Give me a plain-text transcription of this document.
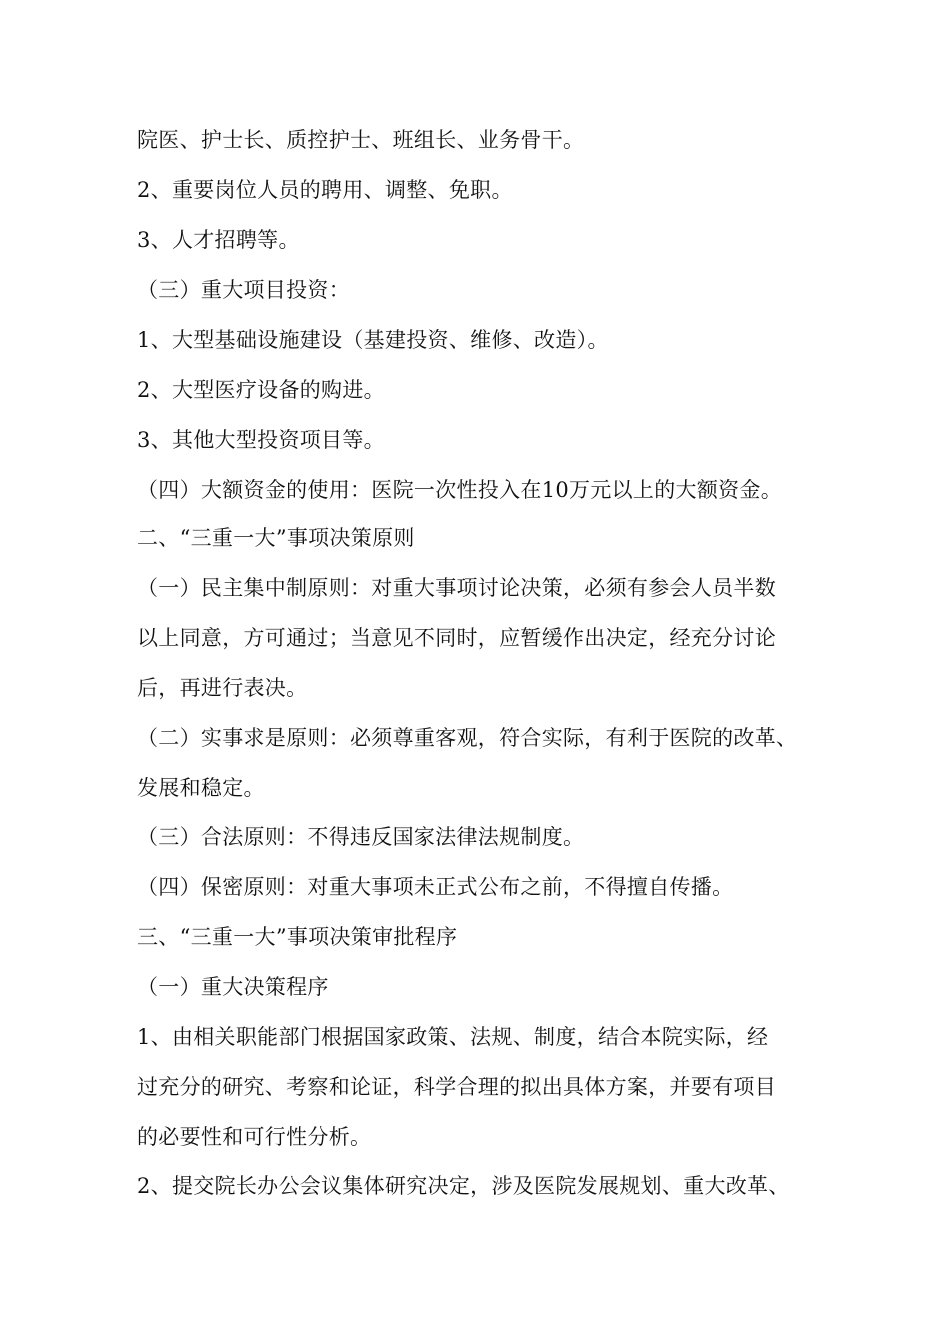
院医、护士长、质控护士、班组长、业务骨干。
2、重要岗位人员的聘用、调整、免职。
3、人才招聘等。
（三）重大项目投资：
1、大型基础设施建设（基建投资、维修、改造）。
2、大型医疗设备的购进。
3、其他大型投资项目等。
（四）大额资金的使用：医院一次性投入在10万元以上的大额资金。
二、“三重一大”事项决策原则
（一）民主集中制原则：对重大事项讨论决策，必须有参会人员半数
以上同意，方可通过；当意见不同时，应暂缓作出决定，经充分讨论
后，再进行表决。
（二）实事求是原则：必须尊重客观，符合实际，有利于医院的改革、
发展和稳定。
（三）合法原则：不得违反国家法律法规制度。
（四）保密原则：对重大事项未正式公布之前，不得擅自传播。
三、“三重一大”事项决策审批程序
（一）重大决策程序
1、由相关职能部门根据国家政策、法规、制度，结合本院实际，经
过充分的研究、考察和论证，科学合理的拟出具体方案，并要有项目
的必要性和可行性分析。
2、提交院长办公会议集体研究决定，涉及医院发展规划、重大改革、
